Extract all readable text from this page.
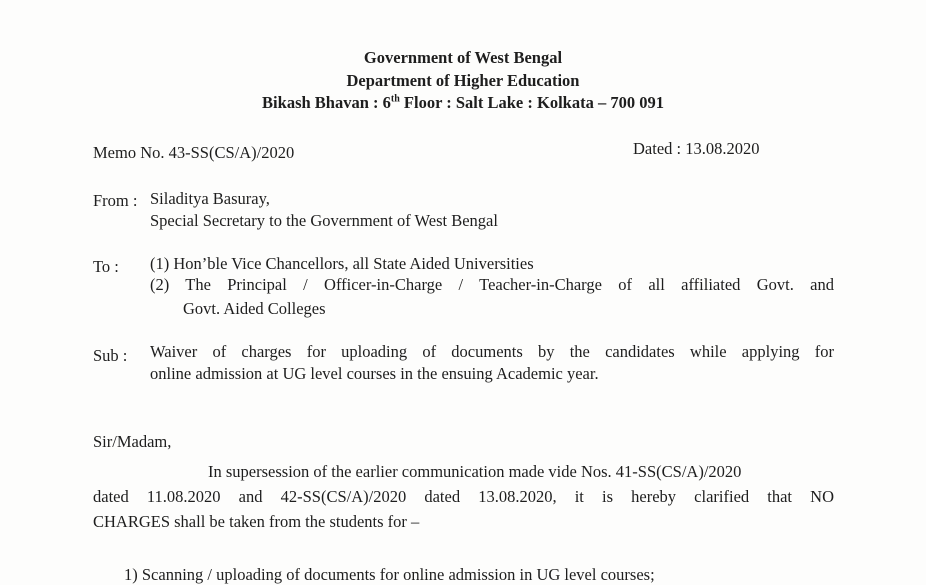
Government of West Bengal
Department of Higher Education
Bikash Bhavan : 6th Floor : Salt Lake : Kolkata – 700 091
Memo No. 43-SS(CS/A)/2020	Dated : 13.08.2020
From : Siladitya Basuray,
Special Secretary to the Government of West Bengal
To : (1) Hon’ble Vice Chancellors, all State Aided Universities
(2) The Principal / Officer-in-Charge / Teacher-in-Charge of all affiliated Govt. and
Govt. Aided Colleges
Sub : Waiver of charges for uploading of documents by the candidates while applying for
online admission at UG level courses in the ensuing Academic year.
Sir/Madam,
In supersession of the earlier communication made vide Nos. 41-SS(CS/A)/2020
dated 11.08.2020 and 42-SS(CS/A)/2020 dated 13.08.2020, it is hereby clarified that NO
CHARGES shall be taken from the students for –
1) Scanning / uploading of documents for online admission in UG level courses;
